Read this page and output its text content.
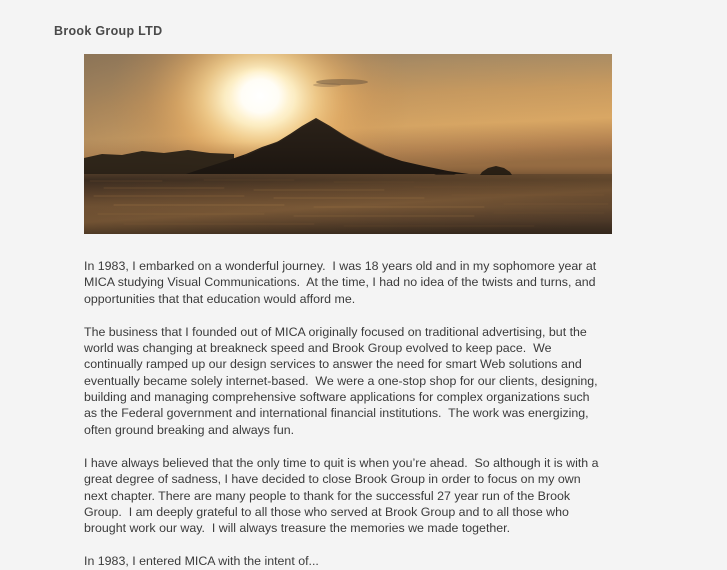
Brook Group LTD

In 1983, I embarked on a wonderful journey.  I was 18 years old and in my sophomore year at MICA studying Visual Communications.  At the time, I had no idea of the twists and turns, and opportunities that that education would afford me.

The business that I founded out of MICA originally focused on traditional advertising, but the world was changing at breakneck speed and Brook Group evolved to keep pace.  We continually ramped up our design services to answer the need for smart Web solutions and eventually became solely internet-based.  We were a one-stop shop for our clients, designing, building and managing comprehensive software applications for complex organizations such as the Federal government and international financial institutions.  The work was energizing, often ground breaking and always fun.

I have always believed that the only time to quit is when you’re ahead.  So although it is with a great degree of sadness, I have decided to close Brook Group in order to focus on my own next chapter. There are many people to thank for the successful 27 year run of the Brook Group.  I am deeply grateful to all those who served at Brook Group and to all those who brought work our way.  I will always treasure the memories we made together.

In 1983, I entered MICA with the intent of...
